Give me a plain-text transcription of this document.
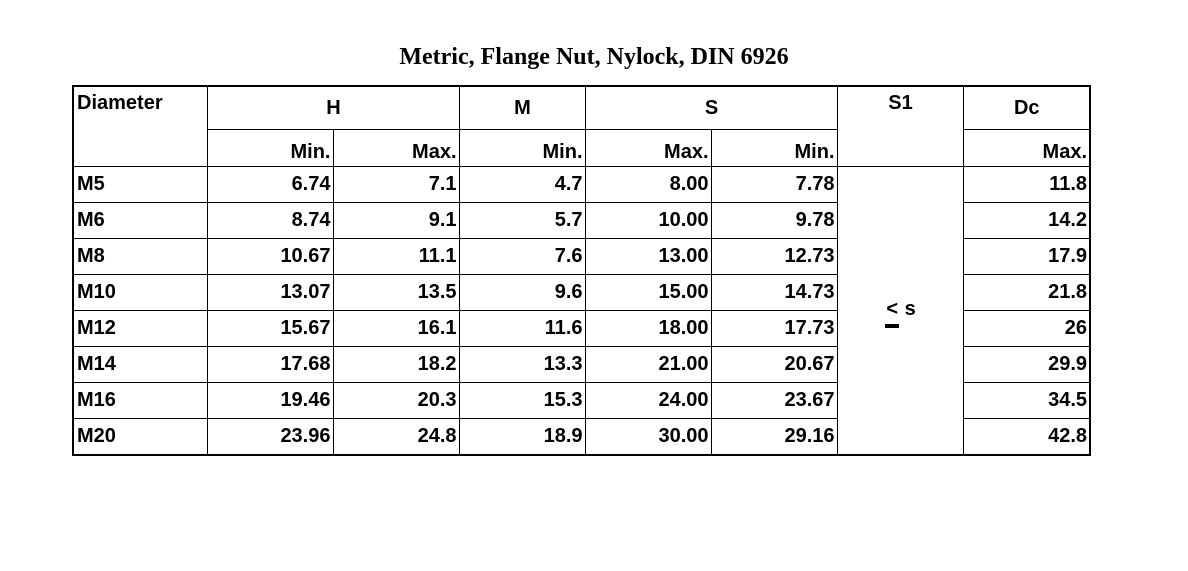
Metric, Flange Nut, Nylock, DIN 6926
Diameter	H		M	S		S1	Dc
	Min.	Max.	Min.	Max.	Min.		Max.
M5	6.74	7.1	4.7	8.00	7.78	< s	11.8
M6	8.74	9.1	5.7	10.00	9.78		14.2
M8	10.67	11.1	7.6	13.00	12.73		17.9
M10	13.07	13.5	9.6	15.00	14.73		21.8
M12	15.67	16.1	11.6	18.00	17.73		26
M14	17.68	18.2	13.3	21.00	20.67		29.9
M16	19.46	20.3	15.3	24.00	23.67		34.5
M20	23.96	24.8	18.9	30.00	29.16		42.8
